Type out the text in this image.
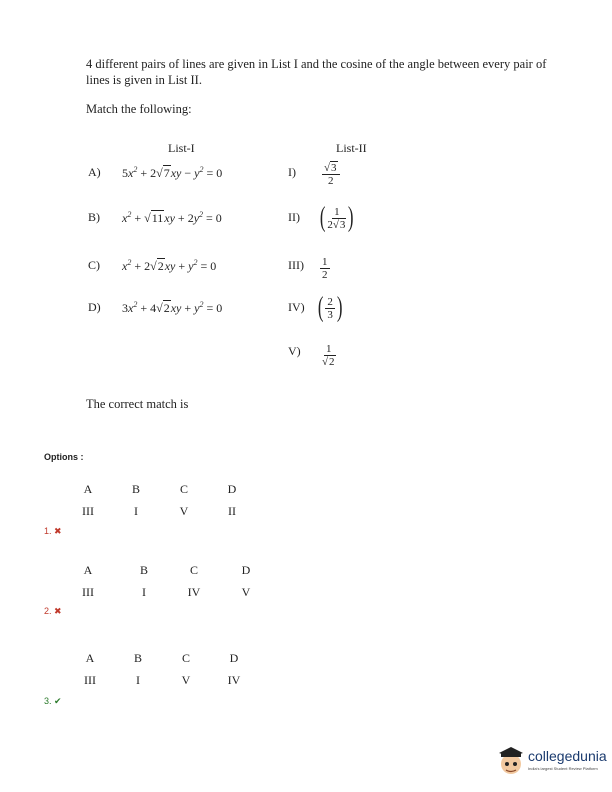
4 different pairs of lines are given in List I and the cosine of the angle between every pair of lines is given in List II.
Match the following:
List-I	List-II
A) $5x^2 + 2√7xy - y^2 = 0$
B) $x^2 + √11xy + 2y^2 = 0$
C) $x^2 + 2√2xy + y^2 = 0$
D) $3x^2 + 4√2xy + y^2 = 0$
$I) \frac{√3}{2}$
II) ( $\frac{1}{2√3}$ )
$III) \frac{1}{2}$
IV) ( $\frac{2}{3}$ )
$V) \frac{1}{√2}$
The correct match is
Options :
A	B	C	D
III	I	V	II
1. ✖
A	B	C	D
III	I	IV	V
2. ✖
A	B	C	D
III	I	V	IV
3. ✔
collegedunia
India's largest Student Review Platform
